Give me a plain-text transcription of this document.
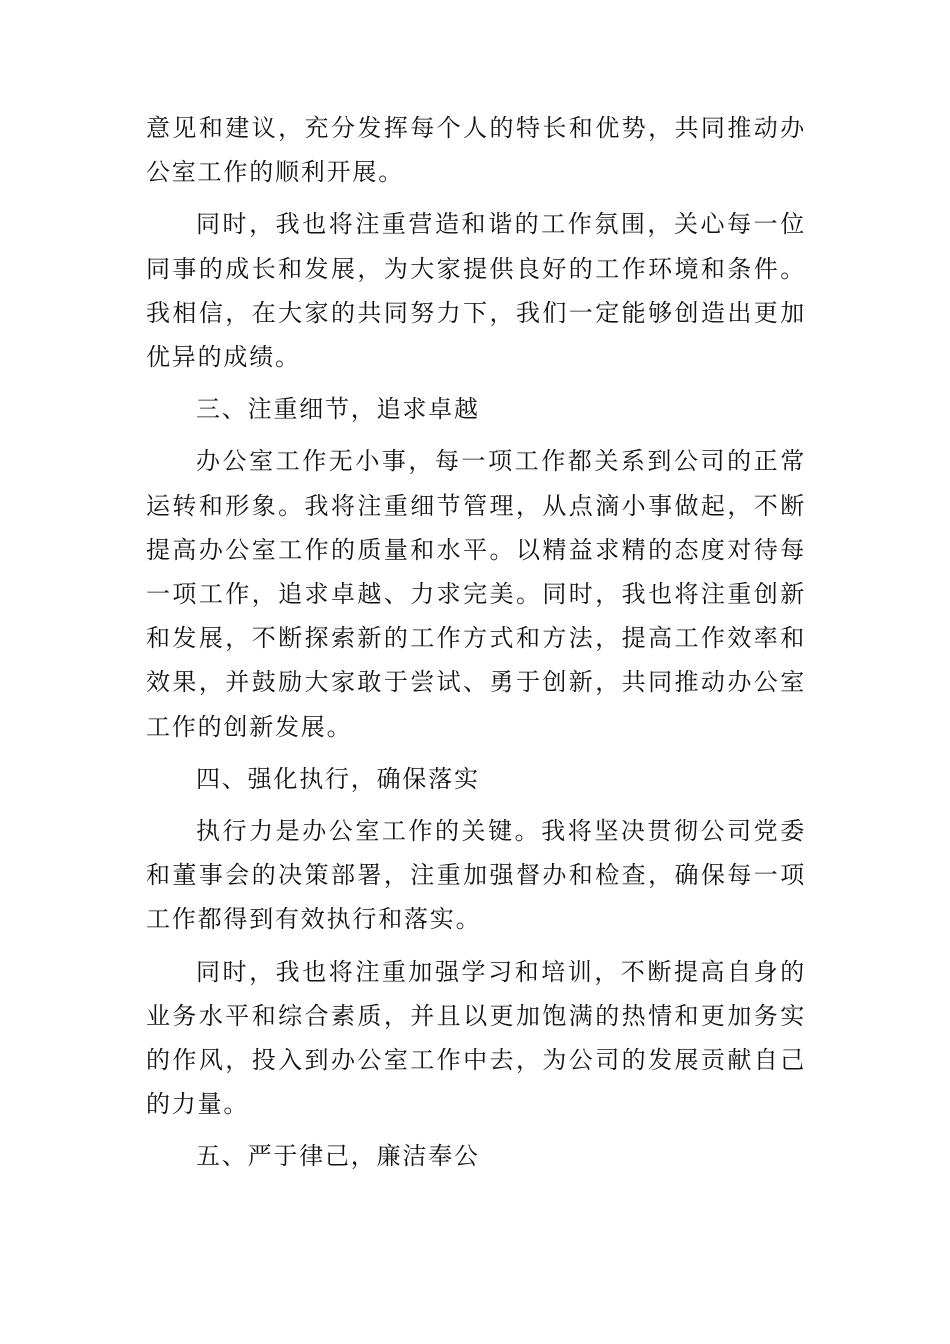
意见和建议，充分发挥每个人的特长和优势，共同推动办公室工作的顺利开展。

同时，我也将注重营造和谐的工作氛围，关心每一位同事的成长和发展，为大家提供良好的工作环境和条件。我相信，在大家的共同努力下，我们一定能够创造出更加优异的成绩。

三、注重细节，追求卓越

办公室工作无小事，每一项工作都关系到公司的正常运转和形象。我将注重细节管理，从点滴小事做起，不断提高办公室工作的质量和水平。以精益求精的态度对待每一项工作，追求卓越、力求完美。同时，我也将注重创新和发展，不断探索新的工作方式和方法，提高工作效率和效果，并鼓励大家敢于尝试、勇于创新，共同推动办公室工作的创新发展。

四、强化执行，确保落实

执行力是办公室工作的关键。我将坚决贯彻公司党委和董事会的决策部署，注重加强督办和检查，确保每一项工作都得到有效执行和落实。

同时，我也将注重加强学习和培训，不断提高自身的业务水平和综合素质，并且以更加饱满的热情和更加务实的作风，投入到办公室工作中去，为公司的发展贡献自己的力量。

五、严于律己，廉洁奉公
